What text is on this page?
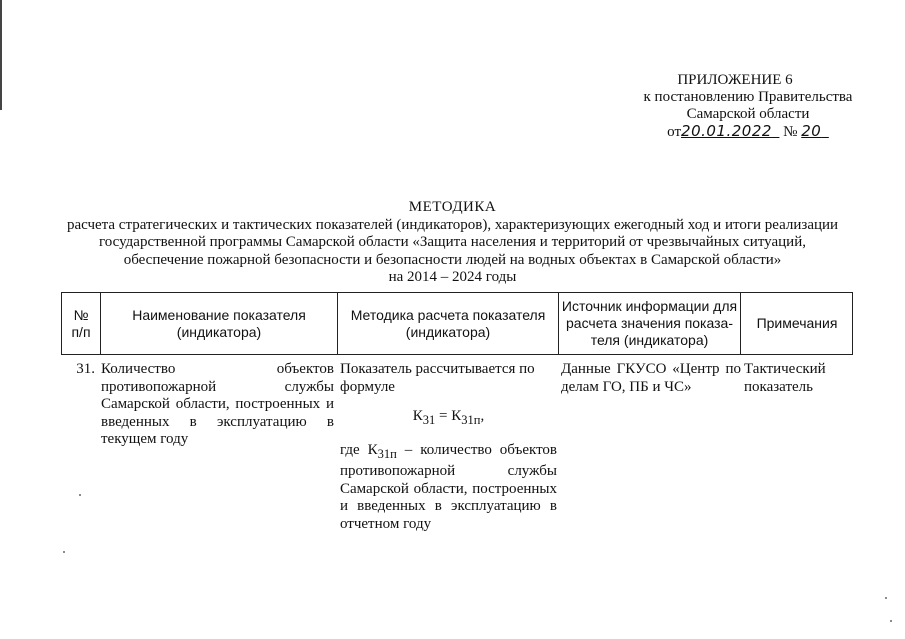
ПРИЛОЖЕНИЕ 6
к постановлению Правительства
Самарской области
от20.01.2022 № 20
МЕТОДИКА
расчета стратегических и тактических показателей (индикаторов), характеризующих ежегодный ход и итоги реализации
государственной программы Самарской области «Защита населения и территорий от чрезвычайных ситуаций,
обеспечение пожарной безопасности и безопасности людей на водных объектах в Самарской области»
на 2014 – 2024 годы
№
п/п
Наименование показателя
(индикатора)
Методика расчета показателя
(индикатора)
Источник информации для
расчета значения показа-
теля (индикатора)
Примечания
31. Количество объектов противопожарной службы Самарской области, построенных и введенных в эксплуатацию в текущем году
Показатель рассчитывается по формуле
$К_{31} = К_{31п}$,
где $К_{31п}$ – количество объектов противопожарной службы Самарской области, построенных и введенных в эксплуатацию в отчетном году
Данные ГКУСО «Центр по делам ГО, ПБ и ЧС»
Тактический показатель
